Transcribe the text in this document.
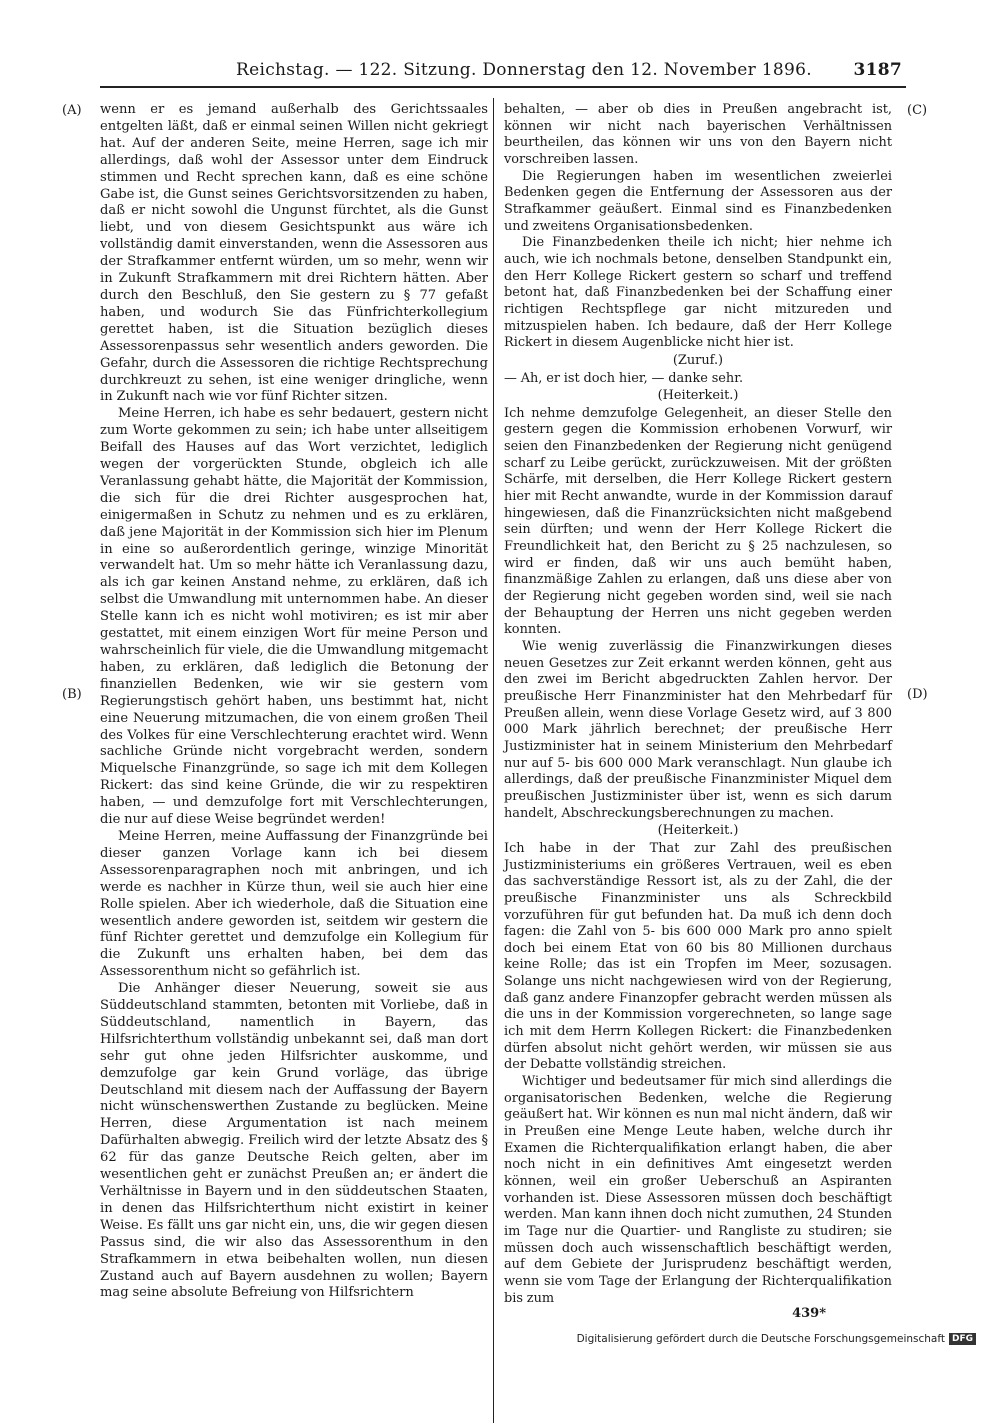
Reichstag. — 122. Sitzung. Donnerstag den 12. November 1896. 3187
(A)
(B)
(C)
(D)

wenn er es jemand außerhalb des Gerichtssaales entgelten läßt, daß er einmal seinen Willen nicht gekriegt hat. Auf der anderen Seite, meine Herren, sage ich mir allerdings, daß wohl der Assessor unter dem Eindruck stimmen und Recht sprechen kann, daß es eine schöne Gabe ist, die Gunst seines Gerichtsvorsitzenden zu haben, daß er nicht sowohl die Ungunst fürchtet, als die Gunst liebt, und von diesem Gesichtspunkt aus wäre ich vollständig damit einverstanden, wenn die Assessoren aus der Strafkammer entfernt würden, um so mehr, wenn wir in Zukunft Strafkammern mit drei Richtern hätten. Aber durch den Beschluß, den Sie gestern zu § 77 gefaßt haben, und wodurch Sie das Fünfrichterkollegium gerettet haben, ist die Situation bezüglich dieses Assessorenpassus sehr wesentlich anders geworden. Die Gefahr, durch die Assessoren die richtige Rechtsprechung durchkreuzt zu sehen, ist eine weniger dringliche, wenn in Zukunft nach wie vor fünf Richter sitzen.

Meine Herren, ich habe es sehr bedauert, gestern nicht zum Worte gekommen zu sein; ich habe unter allseitigem Beifall des Hauses auf das Wort verzichtet, lediglich wegen der vorgerückten Stunde, obgleich ich alle Veranlassung gehabt hätte, die Majorität der Kommission, die sich für die drei Richter ausgesprochen hat, einigermaßen in Schutz zu nehmen und es zu erklären, daß jene Majorität in der Kommission sich hier im Plenum in eine so außerordentlich geringe, winzige Minorität verwandelt hat. Um so mehr hätte ich Veranlassung dazu, als ich gar keinen Anstand nehme, zu erklären, daß ich selbst die Umwandlung mit unternommen habe. An dieser Stelle kann ich es nicht wohl motiviren; es ist mir aber gestattet, mit einem einzigen Wort für meine Person und wahrscheinlich für viele, die die Umwandlung mitgemacht haben, zu erklären, daß lediglich die Betonung der finanziellen Bedenken, wie wir sie gestern vom Regierungstisch gehört haben, uns bestimmt hat, nicht eine Neuerung mitzumachen, die von einem großen Theil des Volkes für eine Verschlechterung erachtet wird. Wenn sachliche Gründe nicht vorgebracht werden, sondern Miquelsche Finanzgründe, so sage ich mit dem Kollegen Rickert: das sind keine Gründe, die wir zu respektiren haben, — und demzufolge fort mit Verschlechterungen, die nur auf diese Weise begründet werden!

Meine Herren, meine Auffassung der Finanzgründe bei dieser ganzen Vorlage kann ich bei diesem Assessorenparagraphen noch mit anbringen, und ich werde es nachher in Kürze thun, weil sie auch hier eine Rolle spielen. Aber ich wiederhole, daß die Situation eine wesentlich andere geworden ist, seitdem wir gestern die fünf Richter gerettet und demzufolge ein Kollegium für die Zukunft uns erhalten haben, bei dem das Assessorenthum nicht so gefährlich ist.

Die Anhänger dieser Neuerung, soweit sie aus Süddeutschland stammten, betonten mit Vorliebe, daß in Süddeutschland, namentlich in Bayern, das Hilfsrichterthum vollständig unbekannt sei, daß man dort sehr gut ohne jeden Hilfsrichter auskomme, und demzufolge gar kein Grund vorläge, das übrige Deutschland mit diesem nach der Auffassung der Bayern nicht wünschenswerthen Zustande zu beglücken. Meine Herren, diese Argumentation ist nach meinem Dafürhalten abwegig. Freilich wird der letzte Absatz des § 62 für das ganze Deutsche Reich gelten, aber im wesentlichen geht er zunächst Preußen an; er ändert die Verhältnisse in Bayern und in den süddeutschen Staaten, in denen das Hilfsrichterthum nicht existirt in keiner Weise. Es fällt uns gar nicht ein, uns, die wir gegen diesen Passus sind, die wir also das Assessorenthum in den Strafkammern in etwa beibehalten wollen, nun diesen Zustand auch auf Bayern ausdehnen zu wollen; Bayern mag seine absolute Befreiung von Hilfsrichtern

behalten, — aber ob dies in Preußen angebracht ist, können wir nicht nach bayerischen Verhältnissen beurtheilen, das können wir uns von den Bayern nicht vorschreiben lassen.

Die Regierungen haben im wesentlichen zweierlei Bedenken gegen die Entfernung der Assessoren aus der Strafkammer geäußert. Einmal sind es Finanzbedenken und zweitens Organisationsbedenken.

Die Finanzbedenken theile ich nicht; hier nehme ich auch, wie ich nochmals betone, denselben Standpunkt ein, den Herr Kollege Rickert gestern so scharf und treffend betont hat, daß Finanzbedenken bei der Schaffung einer richtigen Rechtspflege gar nicht mitzureden und mitzuspielen haben. Ich bedaure, daß der Herr Kollege Rickert in diesem Augenblicke nicht hier ist.

(Zuruf.)

— Ah, er ist doch hier, — danke sehr.

(Heiterkeit.)

Ich nehme demzufolge Gelegenheit, an dieser Stelle den gestern gegen die Kommission erhobenen Vorwurf, wir seien den Finanzbedenken der Regierung nicht genügend scharf zu Leibe gerückt, zurückzuweisen. Mit der größten Schärfe, mit derselben, die Herr Kollege Rickert gestern hier mit Recht anwandte, wurde in der Kommission darauf hingewiesen, daß die Finanzrücksichten nicht maßgebend sein dürften; und wenn der Herr Kollege Rickert die Freundlichkeit hat, den Bericht zu § 25 nachzulesen, so wird er finden, daß wir uns auch bemüht haben, finanzmäßige Zahlen zu erlangen, daß uns diese aber von der Regierung nicht gegeben worden sind, weil sie nach der Behauptung der Herren uns nicht gegeben werden konnten.

Wie wenig zuverlässig die Finanzwirkungen dieses neuen Gesetzes zur Zeit erkannt werden können, geht aus den zwei im Bericht abgedruckten Zahlen hervor. Der preußische Herr Finanzminister hat den Mehrbedarf für Preußen allein, wenn diese Vorlage Gesetz wird, auf 3 800 000 Mark jährlich berechnet; der preußische Herr Justizminister hat in seinem Ministerium den Mehrbedarf nur auf 5- bis 600 000 Mark veranschlagt. Nun glaube ich allerdings, daß der preußische Finanzminister Miquel dem preußischen Justizminister über ist, wenn es sich darum handelt, Abschreckungsberechnungen zu machen.

(Heiterkeit.)

Ich habe in der That zur Zahl des preußischen Justizministeriums ein größeres Vertrauen, weil es eben das sachverständige Ressort ist, als zu der Zahl, die der preußische Finanzminister uns als Schreckbild vorzuführen für gut befunden hat. Da muß ich denn doch fagen: die Zahl von 5- bis 600 000 Mark pro anno spielt doch bei einem Etat von 60 bis 80 Millionen durchaus keine Rolle; das ist ein Tropfen im Meer, sozusagen. Solange uns nicht nachgewiesen wird von der Regierung, daß ganz andere Finanzopfer gebracht werden müssen als die uns in der Kommission vorgerechneten, so lange sage ich mit dem Herrn Kollegen Rickert: die Finanzbedenken dürfen absolut nicht gehört werden, wir müssen sie aus der Debatte vollständig streichen.

Wichtiger und bedeutsamer für mich sind allerdings die organisatorischen Bedenken, welche die Regierung geäußert hat. Wir können es nun mal nicht ändern, daß wir in Preußen eine Menge Leute haben, welche durch ihr Examen die Richterqualifikation erlangt haben, die aber noch nicht in ein definitives Amt eingesetzt werden können, weil ein großer Ueberschuß an Aspiranten vorhanden ist. Diese Assessoren müssen doch beschäftigt werden. Man kann ihnen doch nicht zumuthen, 24 Stunden im Tage nur die Quartier- und Rangliste zu studiren; sie müssen doch auch wissenschaftlich beschäftigt werden, auf dem Gebiete der Jurisprudenz beschäftigt werden, wenn sie vom Tage der Erlangung der Richterqualifikation bis zum

439*
Digitalisierung gefördert durch die Deutsche Forschungsgemeinschaft DFG
